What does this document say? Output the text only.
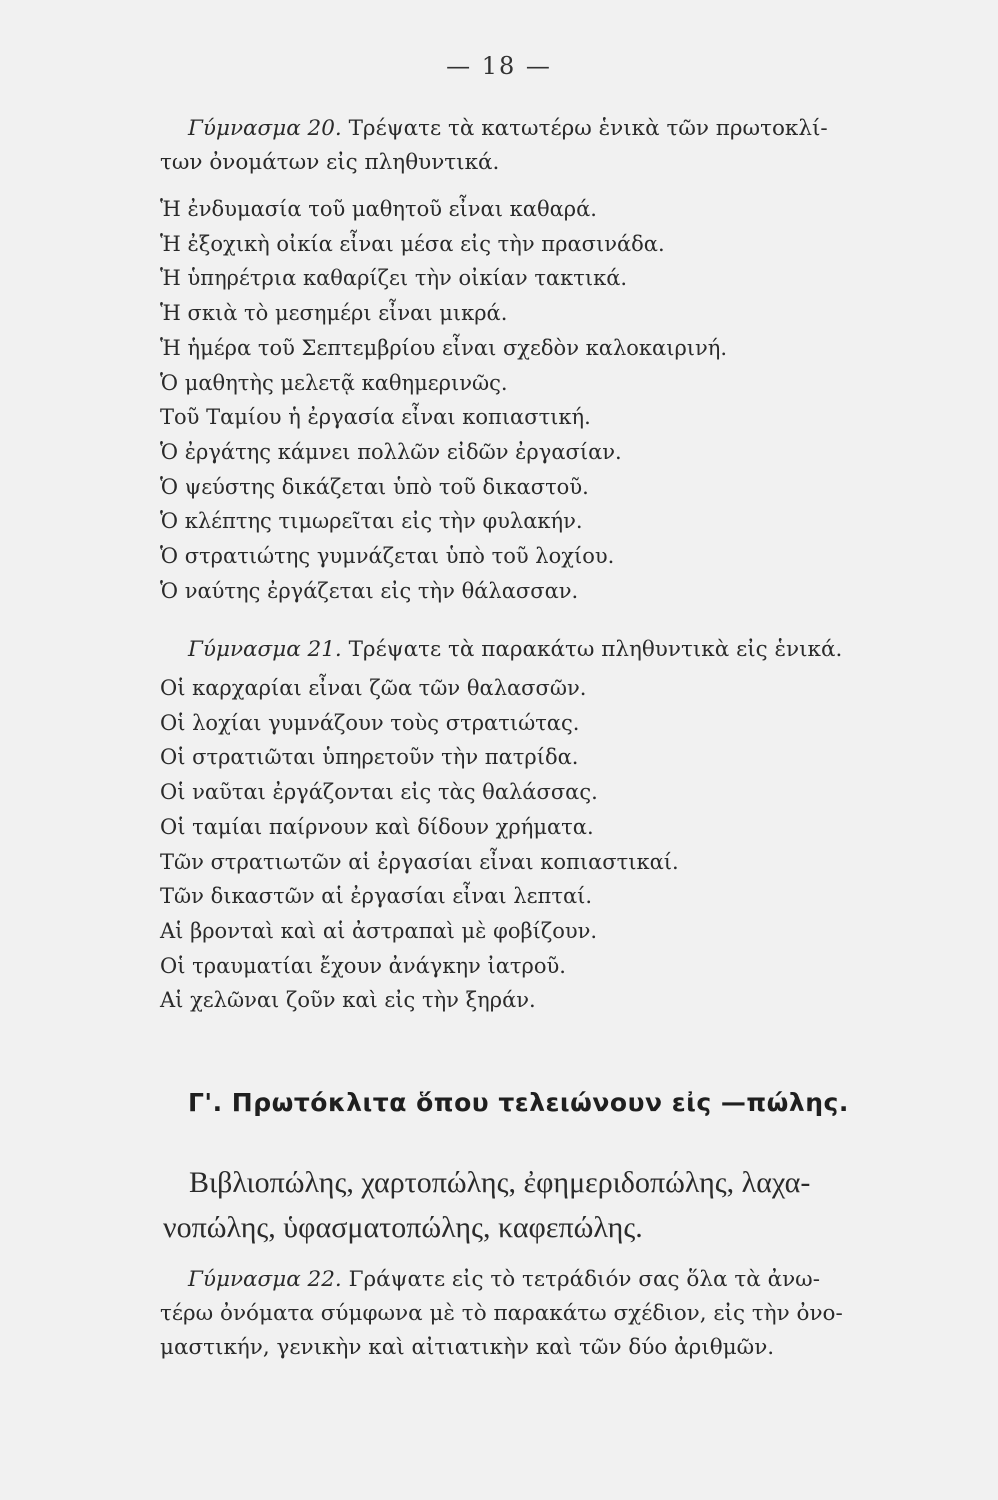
— 18 —
Γύμνασμα 20. Τρέψατε τὰ κατωτέρω ἑνικὰ τῶν πρωτοκλί-
των ὀνομάτων εἰς πληθυντικά.
Ἡ ἐνδυμασία τοῦ μαθητοῦ εἶναι καθαρά.
Ἡ ἐξοχικὴ οἰκία εἶναι μέσα εἰς τὴν πρασινάδα.
Ἡ ὑπηρέτρια καθαρίζει τὴν οἰκίαν τακτικά.
Ἡ σκιὰ τὸ μεσημέρι εἶναι μικρά.
Ἡ ἡμέρα τοῦ Σεπτεμβρίου εἶναι σχεδὸν καλοκαιρινή.
Ὁ μαθητὴς μελετᾷ καθημερινῶς.
Τοῦ Ταμίου ἡ ἐργασία εἶναι κοπιαστική.
Ὁ ἐργάτης κάμνει πολλῶν εἰδῶν ἐργασίαν.
Ὁ ψεύστης δικάζεται ὑπὸ τοῦ δικαστοῦ.
Ὁ κλέπτης τιμωρεῖται εἰς τὴν φυλακήν.
Ὁ στρατιώτης γυμνάζεται ὑπὸ τοῦ λοχίου.
Ὁ ναύτης ἐργάζεται εἰς τὴν θάλασσαν.
Γύμνασμα 21. Τρέψατε τὰ παρακάτω πληθυντικὰ εἰς ἑνικά.
Οἱ καρχαρίαι εἶναι ζῶα τῶν θαλασσῶν.
Οἱ λοχίαι γυμνάζουν τοὺς στρατιώτας.
Οἱ στρατιῶται ὑπηρετοῦν τὴν πατρίδα.
Οἱ ναῦται ἐργάζονται εἰς τὰς θαλάσσας.
Οἱ ταμίαι παίρνουν καὶ δίδουν χρήματα.
Τῶν στρατιωτῶν αἱ ἐργασίαι εἶναι κοπιαστικαί.
Τῶν δικαστῶν αἱ ἐργασίαι εἶναι λεπταί.
Αἱ βρονταὶ καὶ αἱ ἀστραπαὶ μὲ φοβίζουν.
Οἱ τραυματίαι ἔχουν ἀνάγκην ἰατροῦ.
Αἱ χελῶναι ζοῦν καὶ εἰς τὴν ξηράν.
Γ'. Πρωτόκλιτα ὅπου τελειώνουν εἰς —πώλης.
Βιβλιοπώλης, χαρτοπώλης, ἐφημεριδοπώλης, λαχα-
νοπώλης, ὑφασματοπώλης, καφεπώλης.
Γύμνασμα 22. Γράψατε εἰς τὸ τετράδιόν σας ὅλα τὰ ἀνω-
τέρω ὀνόματα σύμφωνα μὲ τὸ παρακάτω σχέδιον, εἰς τὴν ὀνο-
μαστικήν, γενικὴν καὶ αἰτιατικὴν καὶ τῶν δύο ἀριθμῶν.
